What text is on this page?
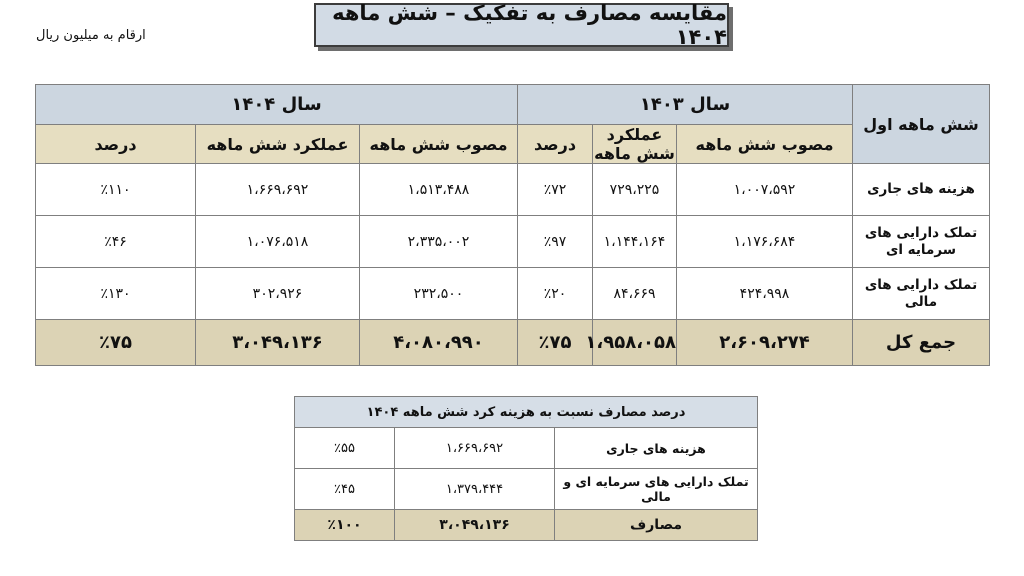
مقایسه مصارف به تفکیک – شش ماهه ۱۴۰۴
ارقام به میلیون ریال
شش ماهه اول	سال ۱۴۰۳			سال ۱۴۰۴		
	مصوب شش ماهه	عملکرد شش ماهه	درصد	مصوب شش ماهه	عملکرد شش ماهه	درصد
هزینه های جاری	۱،۰۰۷،۵۹۲	۷۲۹،۲۲۵	٪۷۲	۱،۵۱۳،۴۸۸	۱،۶۶۹،۶۹۲	٪۱۱۰
تملک دارایی های سرمایه ای	۱،۱۷۶،۶۸۴	۱،۱۴۴،۱۶۴	٪۹۷	۲،۳۳۵،۰۰۲	۱،۰۷۶،۵۱۸	٪۴۶
تملک دارایی های مالی	۴۲۴،۹۹۸	۸۴،۶۶۹	٪۲۰	۲۳۲،۵۰۰	۳۰۲،۹۲۶	٪۱۳۰
جمع کل	۲،۶۰۹،۲۷۴	۱،۹۵۸،۰۵۸	٪۷۵	۴،۰۸۰،۹۹۰	۳،۰۴۹،۱۳۶	٪۷۵
درصد مصارف نسبت به هزینه کرد شش ماهه ۱۴۰۴		
هزینه های جاری	۱،۶۶۹،۶۹۲	٪۵۵
تملک دارایی های سرمایه ای و مالی	۱،۳۷۹،۴۴۴	٪۴۵
مصارف	۳،۰۴۹،۱۳۶	٪۱۰۰
